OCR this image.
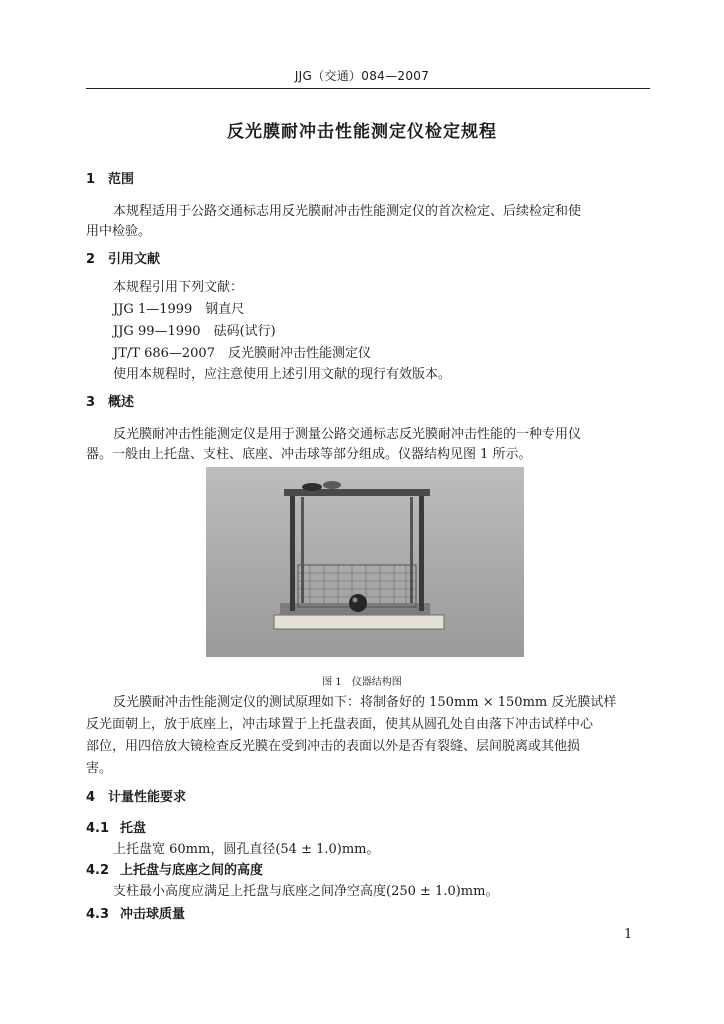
JJG（交通）084—2007
反光膜耐冲击性能测定仪检定规程
1 范围
本规程适用于公路交通标志用反光膜耐冲击性能测定仪的首次检定、后续检定和使
用中检验。
2 引用文献
本规程引用下列文献：
JJG 1—1999　钢直尺
JJG 99—1990　砝码(试行)
JT/T 686—2007　反光膜耐冲击性能测定仪
使用本规程时，应注意使用上述引用文献的现行有效版本。
3 概述
反光膜耐冲击性能测定仪是用于测量公路交通标志反光膜耐冲击性能的一种专用仪
器。一般由上托盘、支柱、底座、冲击球等部分组成。仪器结构见图 1 所示。
图 1　仪器结构图
反光膜耐冲击性能测定仪的测试原理如下：将制备好的 150mm × 150mm 反光膜试样
反光面朝上，放于底座上，冲击球置于上托盘表面，使其从圆孔处自由落下冲击试样中心
部位，用四倍放大镜检查反光膜在受到冲击的表面以外是否有裂缝、层间脱离或其他损
害。
4 计量性能要求
4.1 托盘
上托盘宽 60mm，圆孔直径(54 ± 1.0)mm。
4.2 上托盘与底座之间的高度
支柱最小高度应满足上托盘与底座之间净空高度(250 ± 1.0)mm。
4.3 冲击球质量
1
